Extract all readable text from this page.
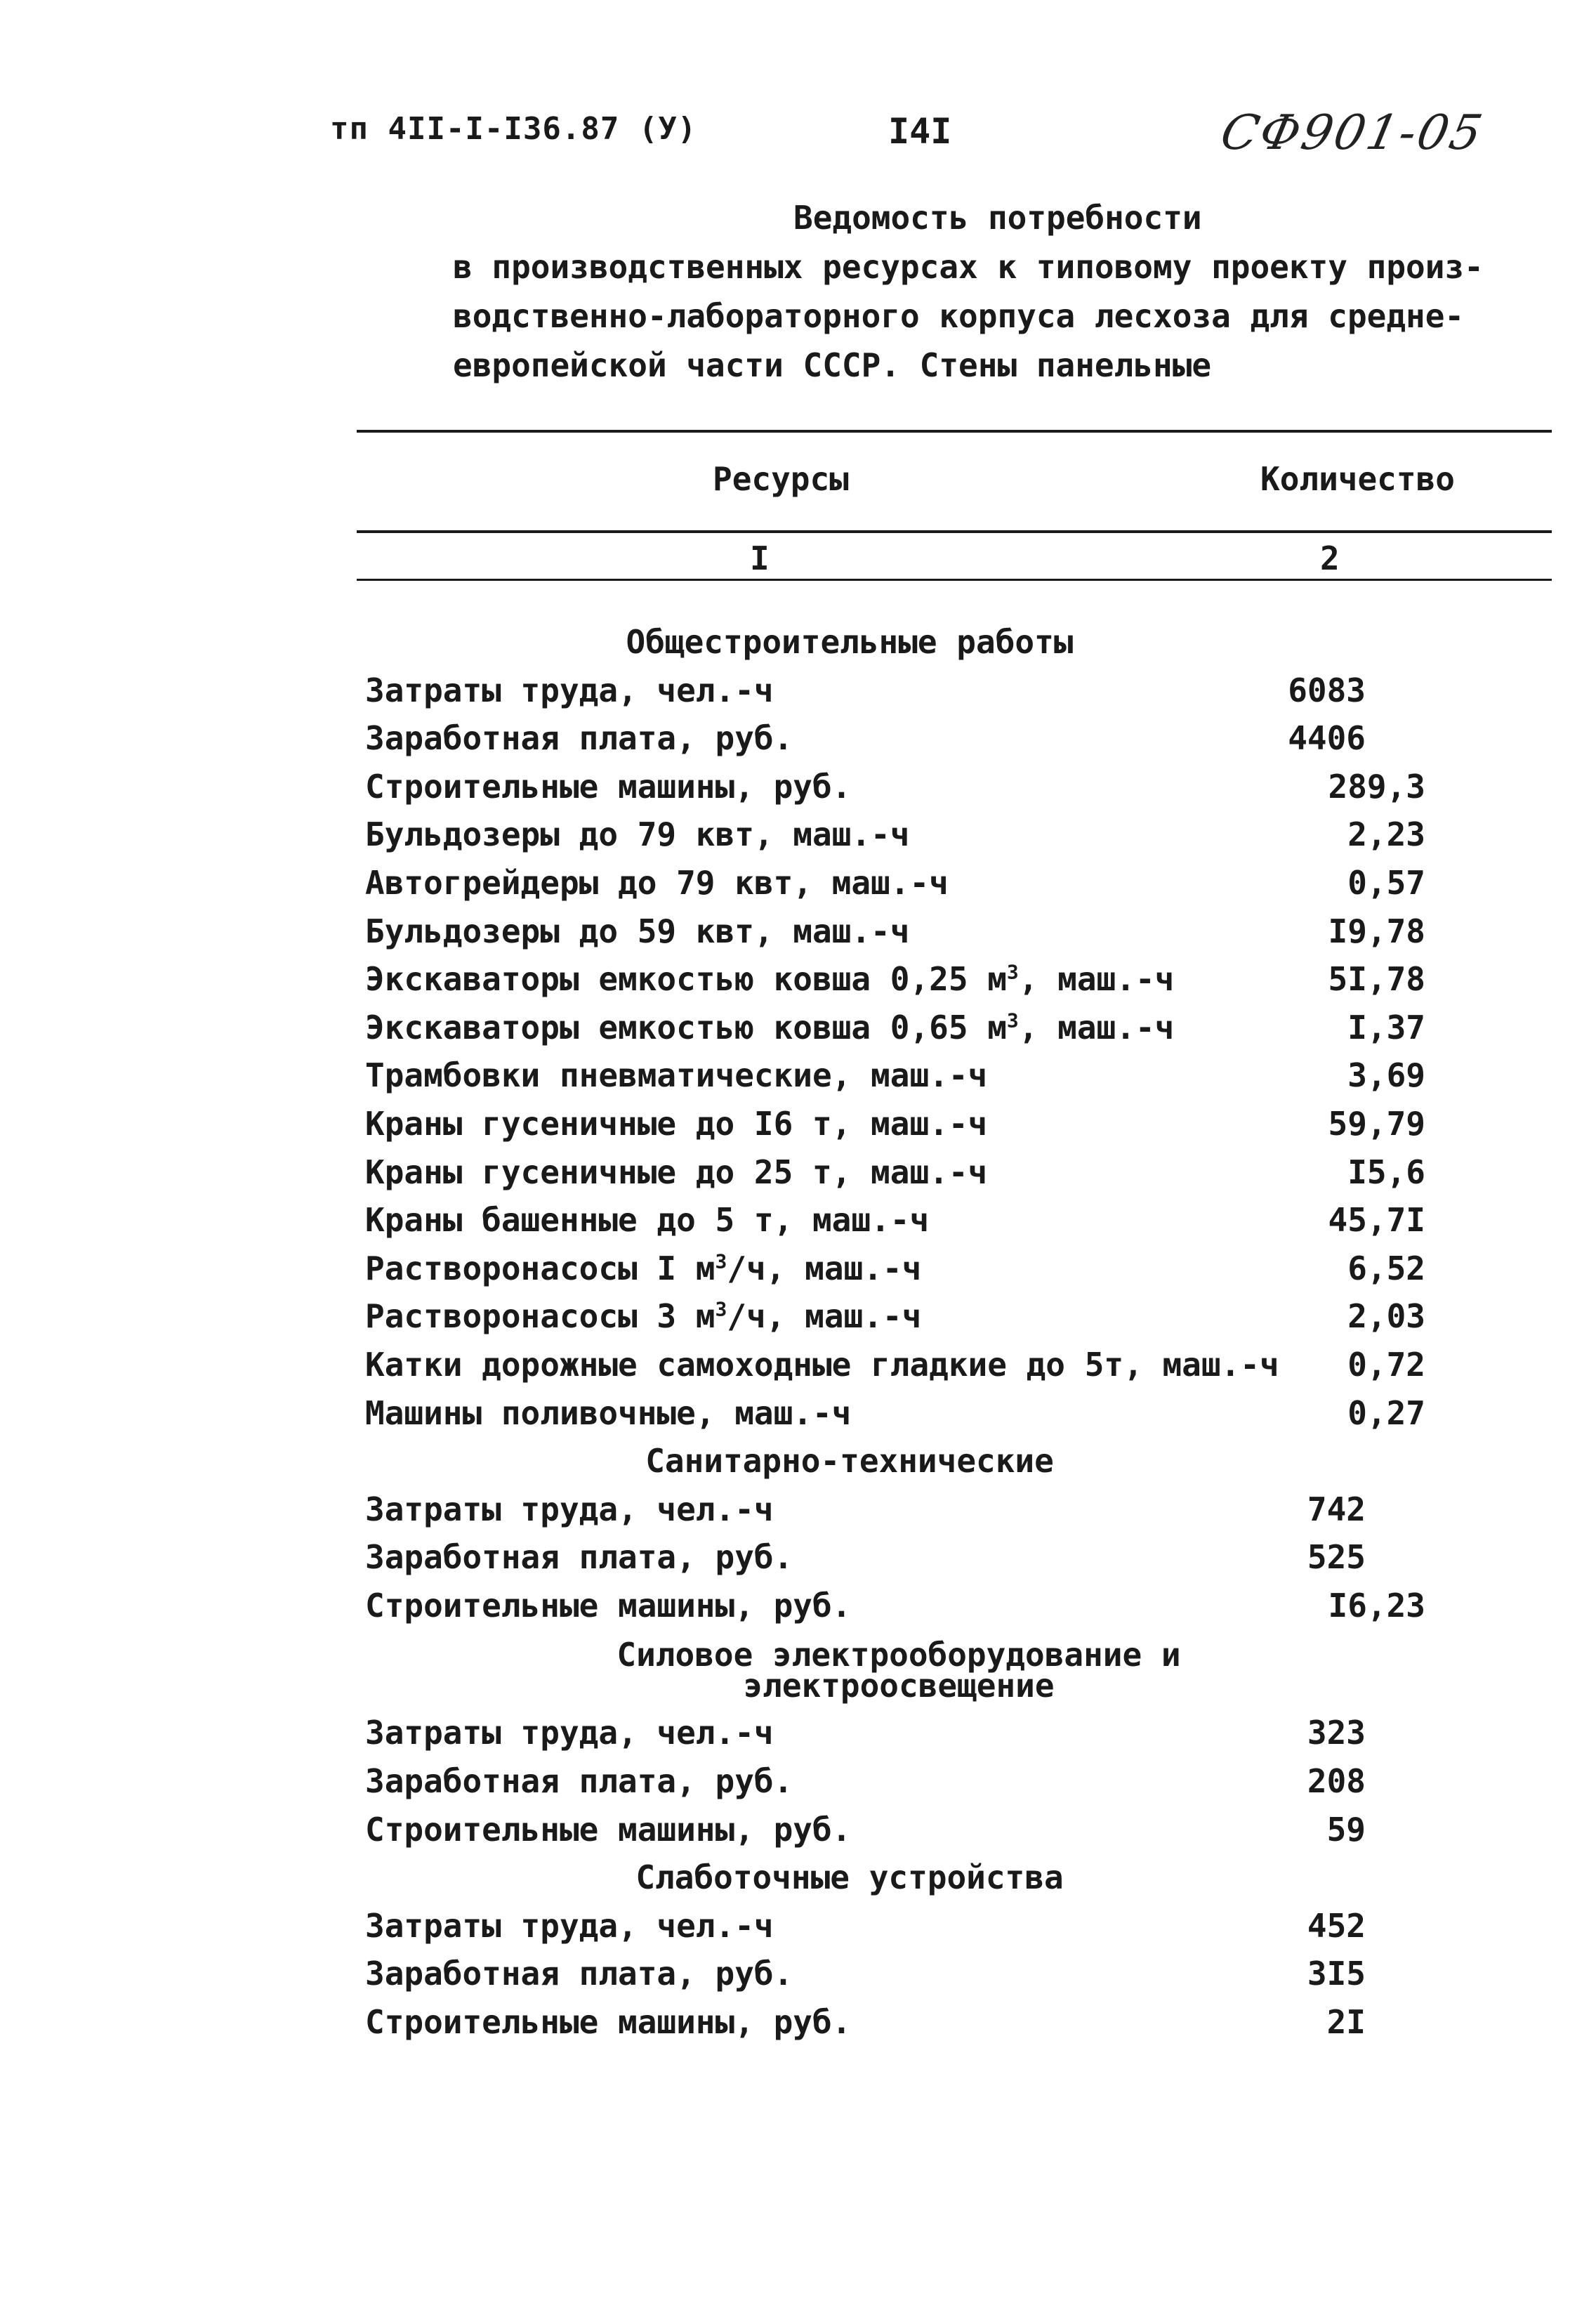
тп 4II-I-I36.87 (У)	I4I	СФ901-05
Ведомость потребности
в производственных ресурсах к типовому проекту произ-
водственно-лабораторного корпуса лесхоза для средне-
европейской части СССР. Стены панельные
Ресурсы	Количество
I	2
Общестроительные работы
Затраты труда, чел.-ч	6083
Заработная плата, руб.	4406
Строительные машины, руб.	289,3
Бульдозеры до 79 квт, маш.-ч	2,23
Автогрейдеры до 79 квт, маш.-ч	0,57
Бульдозеры до 59 квт, маш.-ч	I9,78
Экскаваторы емкостью ковша 0,25 $м^3$, маш.-ч	5I,78
Экскаваторы емкостью ковша 0,65 $м^3$, маш.-ч	I,37
Трамбовки пневматические, маш.-ч	3,69
Краны гусеничные до I6 т, маш.-ч	59,79
Краны гусеничные до 25 т, маш.-ч	I5,6
Краны башенные до 5 т, маш.-ч	45,7I
Растворонасосы I $м^3/ч$, маш.-ч	6,52
Растворонасосы 3 $м^3/ч$, маш.-ч	2,03
Катки дорожные самоходные гладкие до 5т, маш.-ч	0,72
Машины поливочные, маш.-ч	0,27
Санитарно-технические
Затраты труда, чел.-ч	742
Заработная плата, руб.	525
Строительные машины, руб.	I6,23
Силовое электрооборудование и
электроосвещение
Затраты труда, чел.-ч	323
Заработная плата, руб.	208
Строительные машины, руб.	59
Слаботочные устройства
Затраты труда, чел.-ч	452
Заработная плата, руб.	3I5
Строительные машины, руб.	2I
